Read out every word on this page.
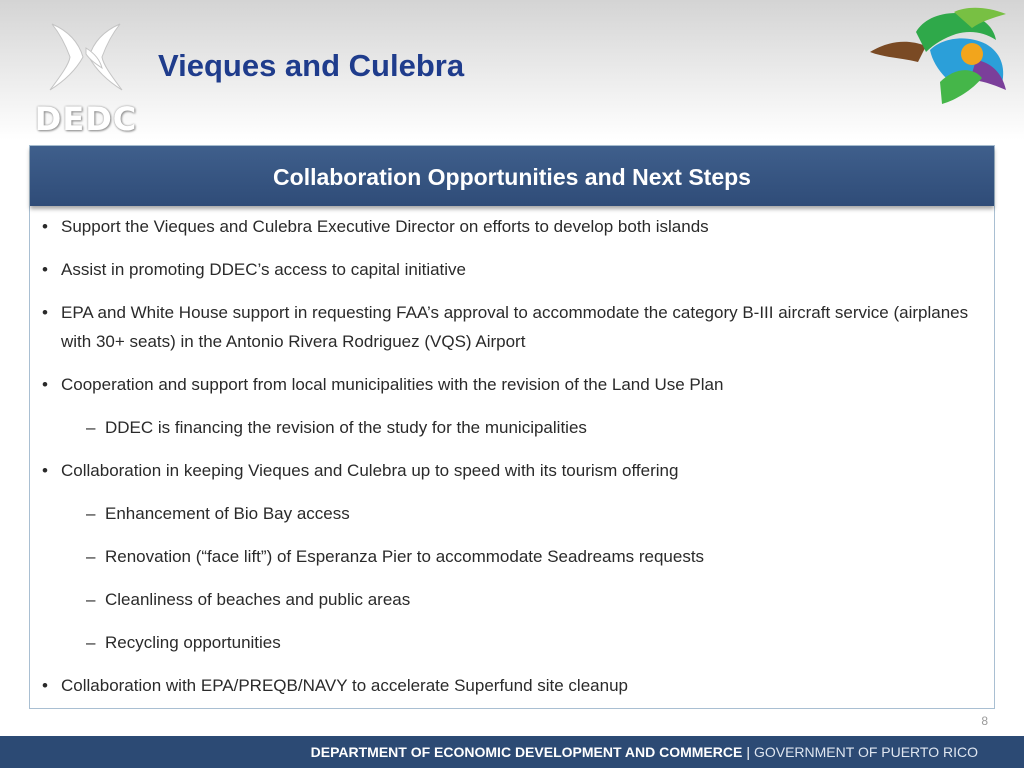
DEDC
Vieques and Culebra
Collaboration Opportunities and Next Steps
• Support the Vieques and Culebra Executive Director on efforts to develop both islands
• Assist in promoting DDEC’s access to capital initiative
• EPA and White House support in requesting FAA’s approval to accommodate the category B-III aircraft service (airplanes with 30+ seats) in the Antonio Rivera Rodriguez (VQS) Airport
• Cooperation and support from local municipalities with the revision of the Land Use Plan
– DDEC is financing the revision of the study for the municipalities
• Collaboration in keeping Vieques and Culebra up to speed with its tourism offering
– Enhancement of Bio Bay access
– Renovation (“face lift”) of Esperanza Pier to accommodate Seadreams requests
– Cleanliness of beaches and public areas
– Recycling opportunities
• Collaboration with EPA/PREQB/NAVY to accelerate Superfund site cleanup
8
DEPARTMENT OF ECONOMIC DEVELOPMENT AND COMMERCE | GOVERNMENT OF PUERTO RICO
